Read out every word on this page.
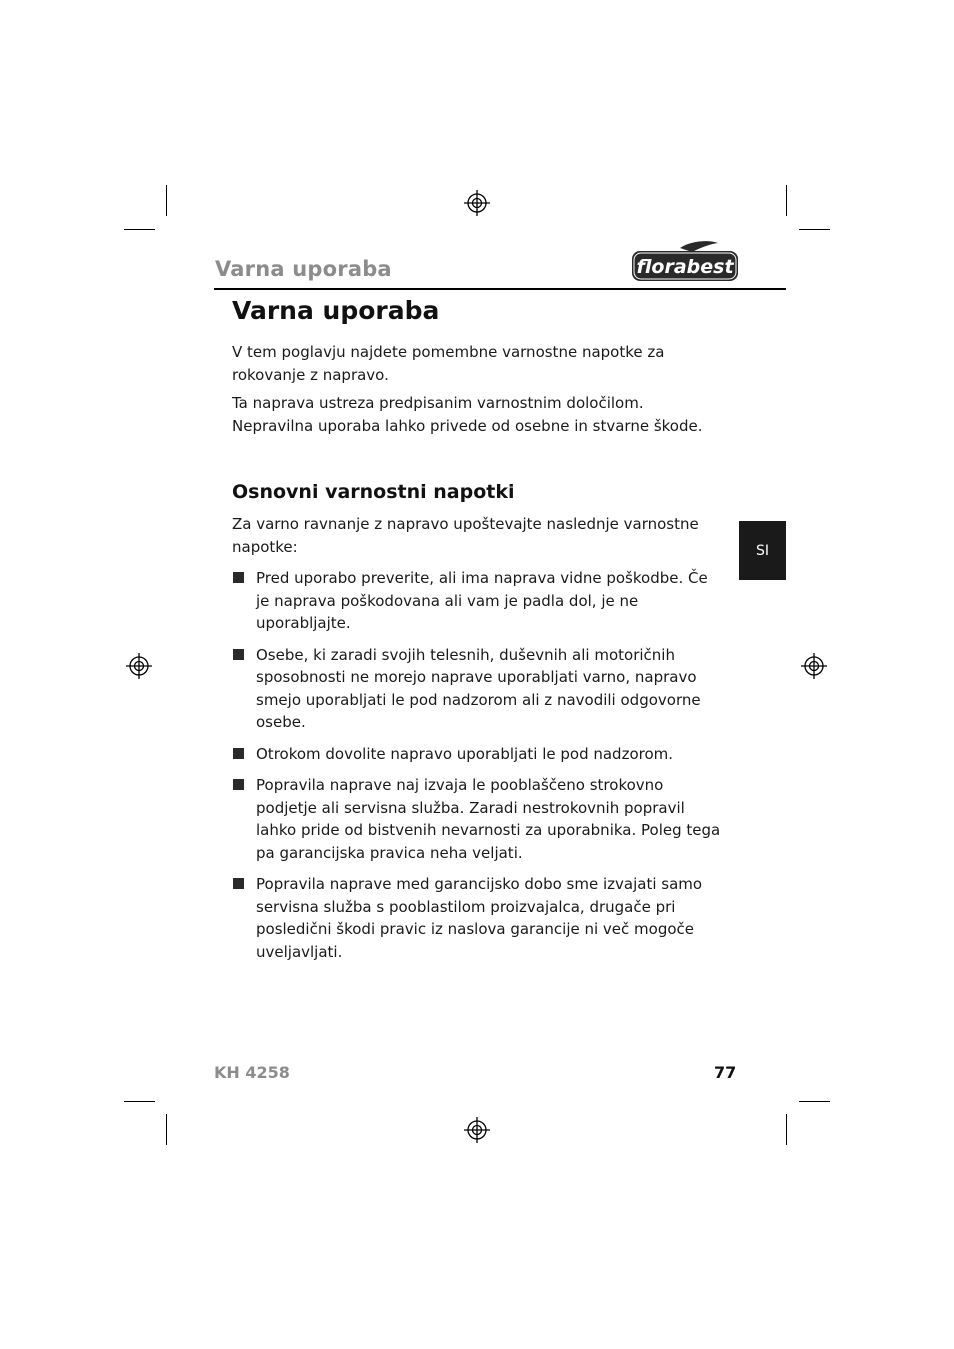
Varna uporaba	florabest
Varna uporaba
V tem poglavju najdete pomembne varnostne napotke za rokovanje z napravo.
Ta naprava ustreza predpisanim varnostnim določilom. Nepravilna uporaba lahko privede od osebne in stvarne škode.
Osnovni varnostni napotki
Za varno ravnanje z napravo upoštevajte naslednje varnostne napotke:
Pred uporabo preverite, ali ima naprava vidne poškodbe. Če je naprava poškodovana ali vam je padla dol, je ne uporabljajte.
Osebe, ki zaradi svojih telesnih, duševnih ali motoričnih sposobnosti ne morejo naprave uporabljati varno, napravo smejo uporabljati le pod nadzorom ali z navodili odgovorne osebe.
Otrokom dovolite napravo uporabljati le pod nadzorom.
Popravila naprave naj izvaja le pooblaščeno strokovno podjetje ali servisna služba. Zaradi nestrokovnih popravil lahko pride od bistvenih nevarnosti za uporabnika. Poleg tega pa garancijska pravica neha veljati.
Popravila naprave med garancijsko dobo sme izvajati samo servisna služba s pooblastilom proizvajalca, drugače pri posledični škodi pravic iz naslova garancije ni več mogoče uveljavljati.
SI
KH 4258	77
